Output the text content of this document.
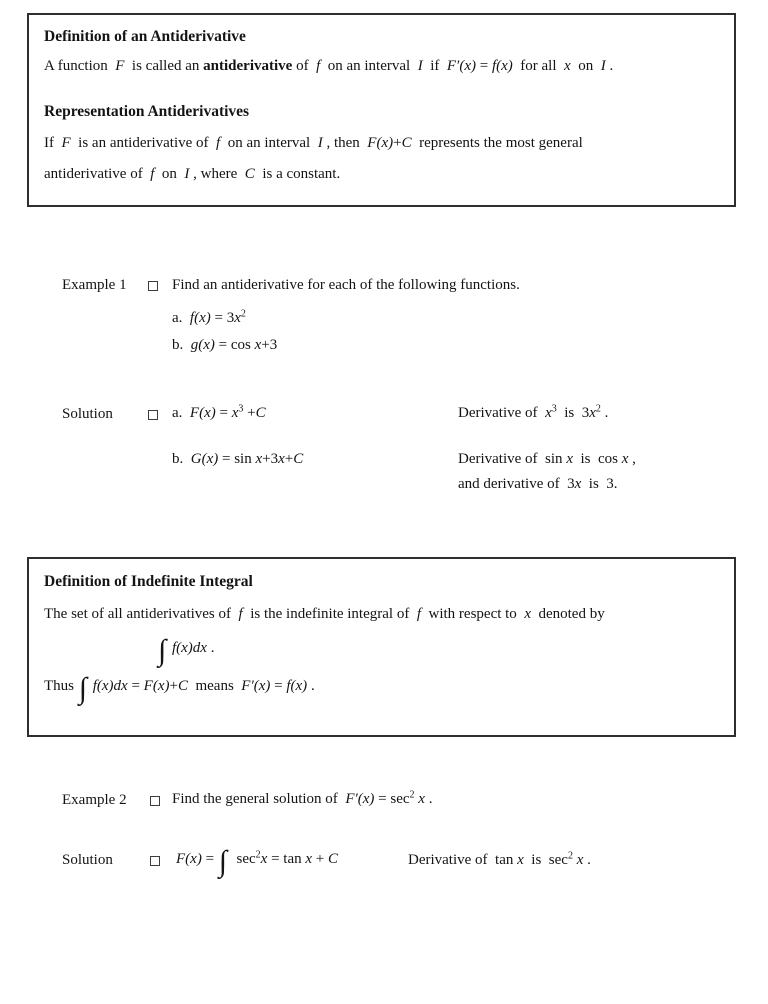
Definition of an Antiderivative
A function  F  is called an antiderivative of  f  on an interval  I  if  F′(x) = f(x)  for all  x  on  I .
Representation Antiderivatives
If  F  is an antiderivative of  f  on an interval  I , then  F(x)+C  represents the most general
antiderivative of  f  on  I , where  C  is a constant.
Example 1	Find an antiderivative for each of the following functions.
a.  $f(x) = 3x^2$
b.  g(x) = cos x+3
Solution	a.  $F(x) = x^3 +C$	Derivative of  $x^3$  is  $3x^2$ .
b.  G(x) = sin x+3x+C	Derivative of  sin x  is  cos x ,
and derivative of  3x  is  3.
Definition of Indefinite Integral
The set of all antiderivatives of  f  is the indefinite integral of  f  with respect to  x  denoted by
∫ f(x)dx .
Thus ∫ f(x)dx = F(x)+C  means  F′(x) = f(x) .
Example 2	Find the general solution of  $F'(x) = \sec^2 x$ .
Solution	F(x) = ∫  $\sec^2x = \tan x + C$	Derivative of  tan x  is  $\sec^2 x$ .
